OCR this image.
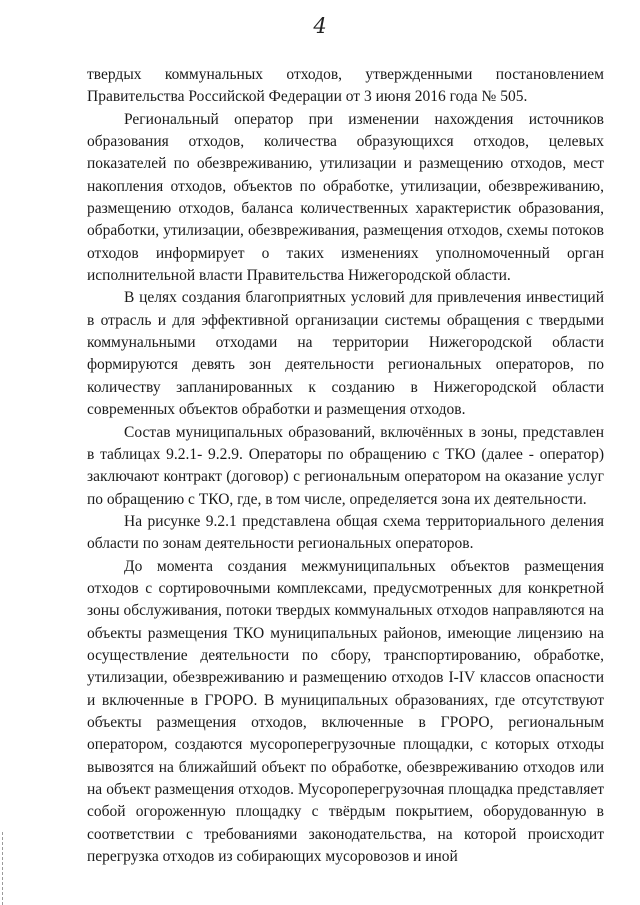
4

твердых коммунальных отходов, утвержденными постановлением Правительства Российской Федерации от 3 июня 2016 года № 505.

Региональный оператор при изменении нахождения источников образования отходов, количества образующихся отходов, целевых показателей по обезвреживанию, утилизации и размещению отходов, мест накопления отходов, объектов по обработке, утилизации, обезвреживанию, размещению отходов, баланса количественных характеристик образования, обработки, утилизации, обезвреживания, размещения отходов, схемы потоков отходов информирует о таких изменениях уполномоченный орган исполнительной власти Правительства Нижегородской области.

В целях создания благоприятных условий для привлечения инвестиций в отрасль и для эффективной организации системы обращения с твердыми коммунальными отходами на территории Нижегородской области формируются девять зон деятельности региональных операторов, по количеству запланированных к созданию в Нижегородской области современных объектов обработки и размещения отходов.

Состав муниципальных образований, включённых в зоны, представлен в таблицах 9.2.1- 9.2.9. Операторы по обращению с ТКО (далее - оператор) заключают контракт (договор) с региональным оператором на оказание услуг по обращению с ТКО, где, в том числе, определяется зона их деятельности.

На рисунке 9.2.1 представлена общая схема территориального деления области по зонам деятельности региональных операторов.

До момента создания межмуниципальных объектов размещения отходов с сортировочными комплексами, предусмотренных для конкретной зоны обслуживания, потоки твердых коммунальных отходов направляются на объекты размещения ТКО муниципальных районов, имеющие лицензию на осуществление деятельности по сбору, транспортированию, обработке, утилизации, обезвреживанию и размещению отходов I-IV классов опасности и включенные в ГРОРО. В муниципальных образованиях, где отсутствуют объекты размещения отходов, включенные в ГРОРО, региональным оператором, создаются мусороперегрузочные площадки, с которых отходы вывозятся на ближайший объект по обработке, обезвреживанию отходов или на объект размещения отходов. Мусороперегрузочная площадка представляет собой огороженную площадку с твёрдым покрытием, оборудованную в соответствии с требованиями законодательства, на которой происходит перегрузка отходов из собирающих мусоровозов и иной
